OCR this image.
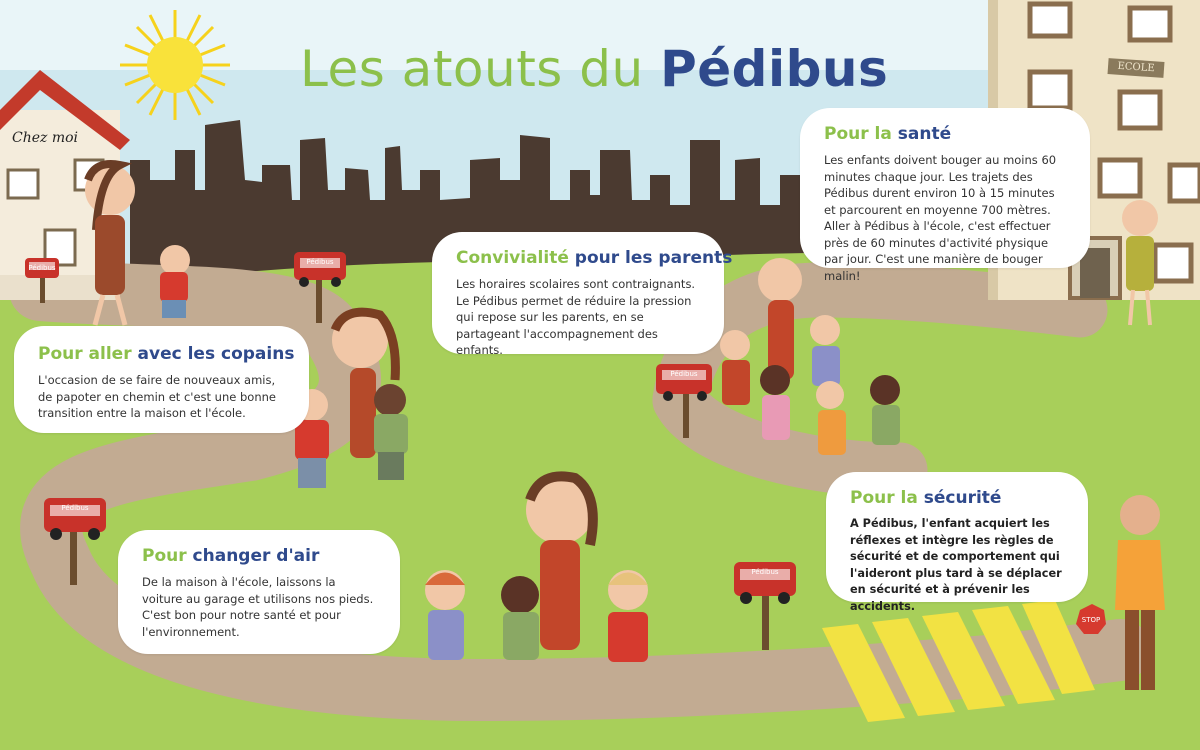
Pédibus
Pédibus
Pédibus
Pédibus
Pédibus
STOP
Les atouts du Pédibus
Chez moi
ECOLE
Pour aller avec les copains

L'occasion de se faire de nouveaux amis, de papoter en chemin et c'est une bonne transition entre la maison et l'école.

Convivialité pour les parents

Les horaires scolaires sont contraignants. Le Pédibus permet de réduire la pression qui repose sur les parents, en se partageant l'accompagnement des enfants.

Pour la santé

Les enfants doivent bouger au moins 60 minutes chaque jour. Les trajets des Pédibus durent environ 10 à 15 minutes et parcourent en moyenne 700 mètres. Aller à Pédibus à l'école, c'est effectuer près de 60 minutes d'activité physique par jour. C'est une manière de bouger malin!

Pour changer d'air

De la maison à l'école, laissons la voiture au garage et utilisons nos pieds. C'est bon pour notre santé et pour l'environnement.

Pour la sécurité

A Pédibus, l'enfant acquiert les réflexes et intègre les règles de sécurité et de comportement qui l'aideront plus tard à se déplacer en sécurité et à prévenir les accidents.
